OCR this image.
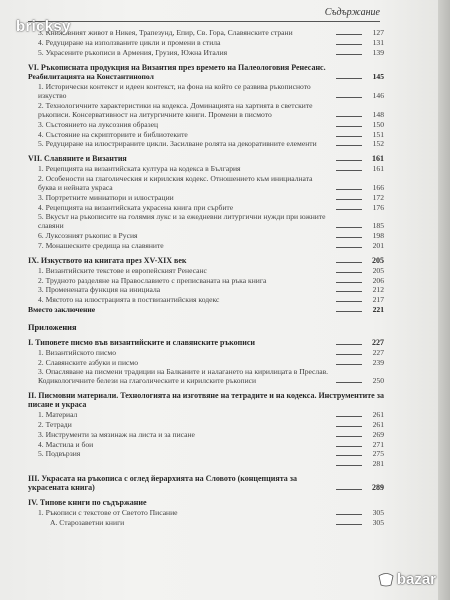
Съдържание
3. Книжовният живот в Никея, Трапезунд, Епир, Св. Гора, Славянските страни	127
4. Редуциране на използваните цикли и промени в стила	131
5. Украсените ръкописи в Армения, Грузия, Южна Италия	139
VI. Ръкописната продукция на Византия през времето на Палеологовия Ренесанс.
Реабилитацията на Константинопол	145
1. Исторически контекст и идеен контекст, на фона на който се развива ръкописното изкуство	146
2. Технологичните характеристики на кодекса. Доминацията на хартията в светските ръкописи. Консервативност на литургичните книги. Промени в писмото	148
3. Състоянието на луксозния образец	150
4. Състояние на скрипториите и библиотеките	151
5. Редуциране на илюстрираните цикли. Засилване ролята на декоративните елементи	152
VII. Славяните и Византия	161
1. Рецепцията на византийската култура на кодекса в България	161
2. Особености на глаголическия и кирилския кодекс. Отношението към инициалната буква и нейната украса	166
3. Портретните миниатюри и илюстрации	172
4. Рецепцията на византийската украсена книга при сърбите	176
5. Вкусът на ръкописите на голямия лукс и за ежедневни литургични нужди при южните славяни	185
6. Луксозният ръкопис в Русия	198
7. Монашеските средища на славяните	201
IX. Изкуството на книгата през XV-XIX век	205
1. Византийските текстове и европейският Ренесанс	205
2. Трудното разделяне на Православието с преписваната на ръка книга	206
3. Променената функция на инициала	212
4. Мястото на илюстрацията в поствизантийския кодекс	217
Вместо заключение	221
Приложения
I. Типовете писмо във византийските и славянските ръкописи	227
1. Византийското писмо	227
2. Славянските азбуки и писмо	239
3. Опасляване на писмени традиции на Балканите и налагането на кирилицата в Преслав. Кодикологичните белези на глаголическите и кирилските ръкописи	250
II. Писмовни материали. Технологията на изготвяне на тетрадите и на кодекса. Инструментите за писане и украса
1. Материал	261
2. Тетради	261
3. Инструменти за мязинаж на листа и за писане	269
4. Мастила и бои	271
5. Подвързия	275
281
III. Украсата на ръкописа с оглед йерархията на Словото (концепцията за украсената книга)	289
IV. Типове книги по съдържание
1. Ръкописи с текстове от Светото Писание	305
А. Старозаветни книги	305
bricksy
bazar
